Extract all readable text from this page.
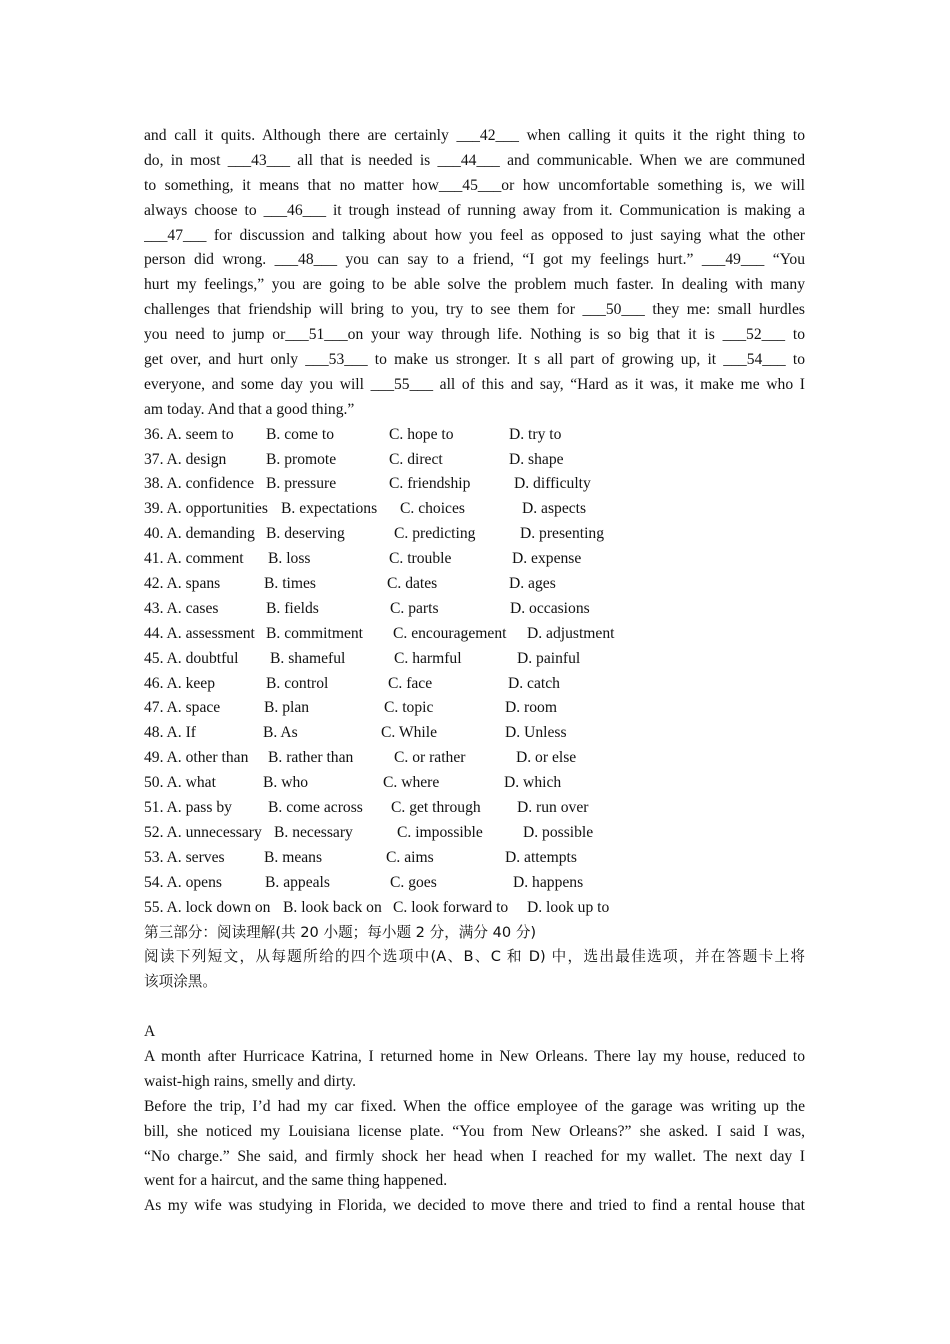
and call it quits. Although there are certainly ___42___ when calling it quits it the right thing to
do, in most ___43___ all that is needed is ___44___ and communicable. When we are communed
to something, it means that no matter how___45___or how uncomfortable something is, we will
always choose to ___46___ it trough instead of running away from it. Communication is making a
___47___ for discussion and talking about how you feel as opposed to just saying what the other
person did wrong. ___48___ you can say to a friend, “I got my feelings hurt.” ___49___ “You
hurt my feelings,” you are going to be able solve the problem much faster. In dealing with many
challenges that friendship will bring to you, try to see them for ___50___ they me: small hurdles
you need to jump or___51___on your way through life. Nothing is so big that it is ___52___ to
get over, and hurt only ___53___ to make us stronger. It s all part of growing up, it ___54___ to
everyone, and some day you will ___55___ all of this and say, “Hard as it was, it make me who I
am today. And that a good thing.”
36. A. seem to B. come to	C. hope to	D. try to
37. A. design	B. promote	C. direct	D. shape
38. A. confidence B. pressure	C. friendship	D. difficulty
39. A. opportunities B. expectations C. choices	D. aspects
40. A. demanding B. deserving	C. predicting	D. presenting
41. A. comment B. loss	C. trouble	D. expense
42. A. spans	B. times	C. dates	D. ages
43. A. cases	B. fields	C. parts	D. occasions
44. A. assessment B. commitment C. encouragement D. adjustment
45. A. doubtful B. shameful	C. harmful	D. painful
46. A. keep	B. control	C. face	D. catch
47. A. space	B. plan	C. topic	D. room
48. A. If	B. As	C. While	D. Unless
49. A. other than B. rather than	C. or rather	D. or else
50. A. what	B. who	C. where	D. which
51. A. pass by B. come across C. get through D. run over
52. A. unnecessary B. necessary	C. impossible	D. possible
53. A. serves	B. means	C. aims	D. attempts
54. A. opens	B. appeals	C. goes	D. happens
55. A. lock down on B. look back on C. look forward to D. look up to
第三部分：阅读理解(共 20 小题；每小题 2 分，满分 40 分)
阅读下列短文，从每题所给的四个选项中(A、B、C 和 D) 中，选出最佳选项，并在答题卡上将
该项涂黑。
A
A month after Hurricace Katrina, I returned home in New Orleans. There lay my house, reduced to
waist-high rains, smelly and dirty.
Before the trip, I’d had my car fixed. When the office employee of the garage was writing up the
bill, she noticed my Louisiana license plate. “You from New Orleans?” she asked. I said I was,
“No charge.” She said, and firmly shock her head when I reached for my wallet. The next day I
went for a haircut, and the same thing happened.
As my wife was studying in Florida, we decided to move there and tried to find a rental house that
